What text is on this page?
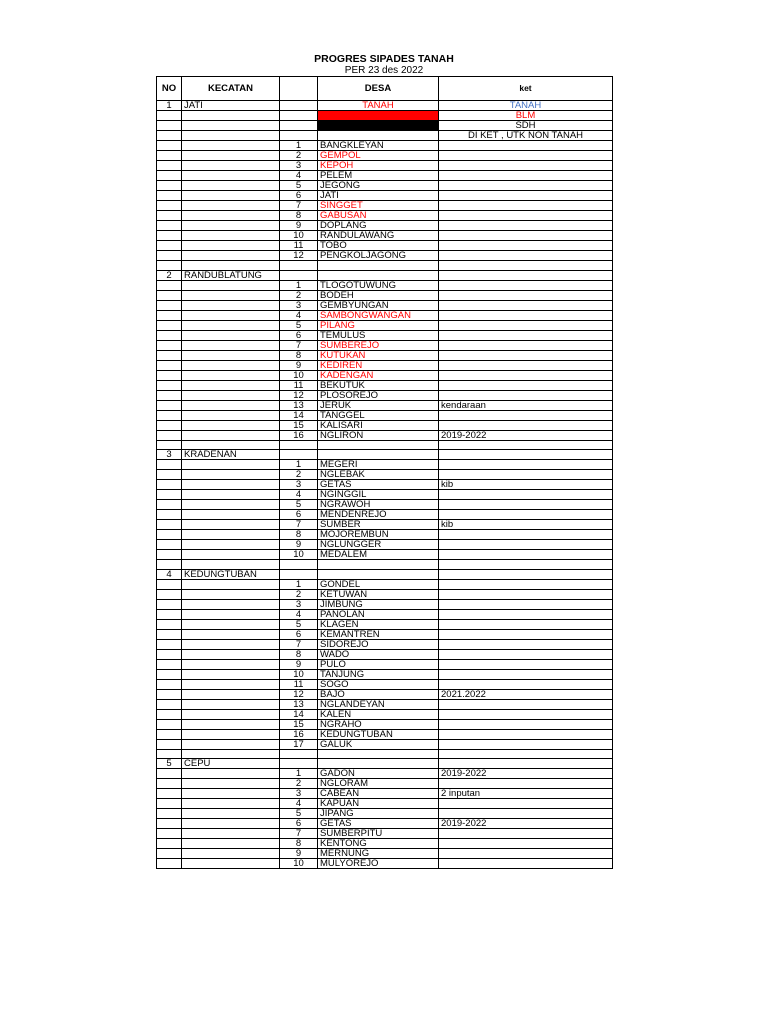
PROGRES SIPADES TANAH
PER 23 des 2022
NO	KECATAN		DESA	ket
1	JATI		TANAH	TANAH
				BLM
				SDH
				DI KET , UTK NON TANAH
		1	BANGKLEYAN	
		2	GEMPOL	
		3	KEPOH	
		4	PELEM	
		5	JEGONG	
		6	JATI	
		7	SINGGET	
		8	GABUSAN	
		9	DOPLANG	
		10	RANDULAWANG	
		11	TOBO	
		12	PENGKOLJAGONG	

2	RANDUBLATUNG			
		1	TLOGOTUWUNG	
		2	BODEH	
		3	GEMBYUNGAN	
		4	SAMBONGWANGAN	
		5	PILANG	
		6	TEMULUS	
		7	SUMBEREJO	
		8	KUTUKAN	
		9	KEDIREN	
		10	KADENGAN	
		11	BEKUTUK	
		12	PLOSOREJO	
		13	JERUK	kendaraan
		14	TANGGEL	
		15	KALISARI	
		16	NGLIRON	2019-2022

3	KRADENAN			
		1	MEGERI	
		2	NGLEBAK	
		3	GETAS	kib
		4	NGINGGIL	
		5	NGRAWOH	
		6	MENDENREJO	
		7	SUMBER	kib
		8	MOJOREMBUN	
		9	NGLUNGGER	
		10	MEDALEM	

4	KEDUNGTUBAN			
		1	GONDEL	
		2	KETUWAN	
		3	JIMBUNG	
		4	PANOLAN	
		5	KLAGEN	
		6	KEMANTREN	
		7	SIDOREJO	
		8	WADO	
		9	PULO	
		10	TANJUNG	
		11	SOGO	
		12	BAJO	2021.2022
		13	NGLANDEYAN	
		14	KALEN	
		15	NGRAHO	
		16	KEDUNGTUBAN	
		17	GALUK	

5	CEPU			
		1	GADON	2019-2022
		2	NGLORAM	
		3	CABEAN	2 inputan
		4	KAPUAN	
		5	JIPANG	
		6	GETAS	2019-2022
		7	SUMBERPITU	
		8	KENTONG	
		9	MERNUNG	
		10	MULYOREJO	
